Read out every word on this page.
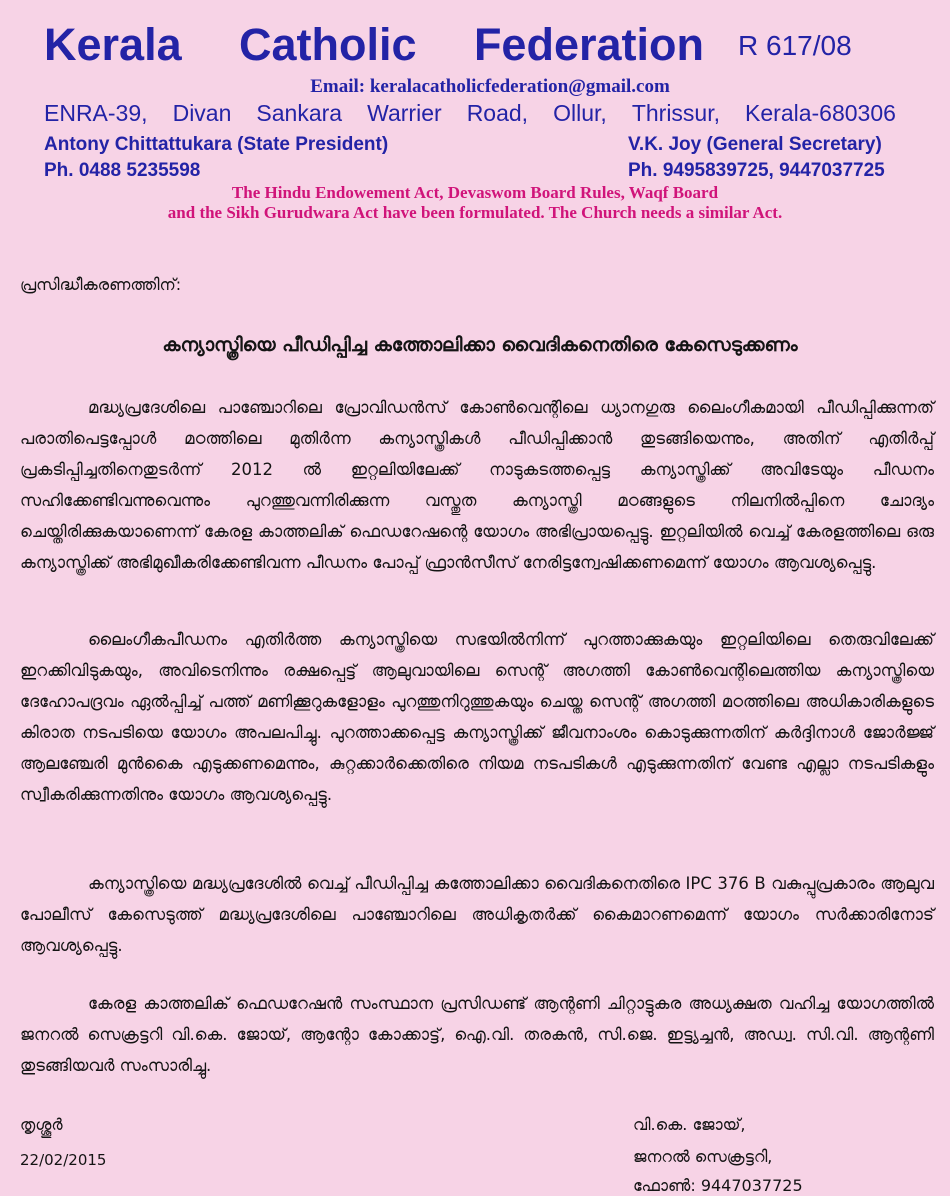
Kerala Catholic Federation R 617/08
Email: keralacatholicfederation@gmail.com
ENRA-39, Divan Sankara Warrier Road, Ollur, Thrissur, Kerala-680306
Antony Chittattukara (State President)
Ph. 0488 5235598
V.K. Joy (General Secretary)
Ph. 9495839725, 9447037725
The Hindu Endowement Act, Devaswom Board Rules, Waqf Board
and the Sikh Gurudwara Act have been formulated. The Church needs a similar Act.
പ്രസിദ്ധീകരണത്തിന്:
കന്യാസ്ത്രിയെ പീഡിപ്പിച്ച കത്തോലിക്കാ വൈദികനെതിരെ കേസെടുക്കണം
മദ്ധ്യപ്രദേശിലെ പാഞ്ചോറിലെ പ്രോവിഡൻസ് കോൺവെന്റിലെ ധ്യാനഗുരു ലൈംഗീകമായി പീഡിപ്പിക്കുന്നത് പരാതിപെട്ടപ്പോൾ മഠത്തിലെ മുതിർന്ന കന്യാസ്ത്രികൾ പീഡിപ്പിക്കാൻ തുടങ്ങിയെന്നും, അതിന് എതിർപ്പ് പ്രകടിപ്പിച്ചതിനെതുടർന്ന് 2012 ൽ ഇറ്റലിയിലേക്ക് നാടുകടത്തപ്പെട്ട കന്യാസ്ത്രിക്ക് അവിടേയും പീഡനം സഹിക്കേണ്ടിവന്നുവെന്നും പുറത്തുവന്നിരിക്കുന്ന വസ്തുത കന്യാസ്ത്രി മഠങ്ങളുടെ നിലനിൽപ്പിനെ ചോദ്യം ചെയ്തിരിക്കുകയാണെന്ന് കേരള കാത്തലിക് ഫെഡറേഷന്റെ യോഗം അഭിപ്രായപ്പെട്ടു. ഇറ്റലിയിൽ വെച്ച് കേരളത്തിലെ ഒരു കന്യാസ്ത്രിക്ക് അഭിമുഖീകരിക്കേണ്ടിവന്ന പീഡനം പോപ്പ് ഫ്രാൻസീസ് നേരിട്ടന്വേഷിക്കണമെന്ന് യോഗം ആവശ്യപ്പെട്ടു.
ലൈംഗീകപീഡനം എതിർത്ത കന്യാസ്ത്രിയെ സഭയിൽനിന്ന് പുറത്താക്കുകയും ഇറ്റലിയിലെ തെരുവിലേക്ക് ഇറക്കിവിടുകയും, അവിടെനിന്നും രക്ഷപ്പെട്ട് ആലുവായിലെ സെന്റ് അഗത്തി കോൺവെന്റിലെത്തിയ കന്യാസ്ത്രിയെ ദേഹോപദ്രവം ഏൽപ്പിച്ച് പത്ത് മണിക്കൂറുകളോളം പുറത്തുനിറുത്തുകയും ചെയ്ത സെന്റ് അഗത്തി മഠത്തിലെ അധികാരികളുടെ കിരാത നടപടിയെ യോഗം അപലപിച്ചു. പുറത്താക്കപ്പെട്ട കന്യാസ്ത്രിക്ക് ജീവനാംശം കൊടുക്കുന്നതിന് കർദ്ദിനാൾ ജോർജ്ജ് ആലഞ്ചേരി മുൻകൈ എടുക്കണമെന്നും, കുറ്റക്കാർക്കെതിരെ നിയമ നടപടികൾ എടുക്കുന്നതിന് വേണ്ട എല്ലാ നടപടികളും സ്വീകരിക്കുന്നതിനും യോഗം ആവശ്യപ്പെട്ടു.
കന്യാസ്ത്രിയെ മദ്ധ്യപ്രദേശിൽ വെച്ച് പീഡിപ്പിച്ച കത്തോലിക്കാ വൈദികനെതിരെ IPC 376 B വകുപ്പുപ്രകാരം ആലുവ പോലീസ് കേസെടുത്ത് മദ്ധ്യപ്രദേശിലെ പാഞ്ചോറിലെ അധികൃതർക്ക് കൈമാറണമെന്ന് യോഗം സർക്കാരിനോട് ആവശ്യപ്പെട്ടു.
കേരള കാത്തലിക് ഫെഡറേഷൻ സംസ്ഥാന പ്രസിഡണ്ട് ആന്റണി ചിറ്റാട്ടുകര അധ്യക്ഷത വഹിച്ച യോഗത്തിൽ ജനറൽ സെക്രട്ടറി വി.കെ. ജോയ്, ആന്റോ കോക്കാട്ട്, ഐ.വി. തരകൻ, സി.ജെ. ഇട്ട്യച്ചൻ, അഡ്വ. സി.വി. ആന്റണി തുടങ്ങിയവർ സംസാരിച്ചു.
തൃശ്ശൂർ
22/02/2015
വി.കെ. ജോയ്,
ജനറൽ സെക്രട്ടറി,
ഫോൺ: 9447037725
